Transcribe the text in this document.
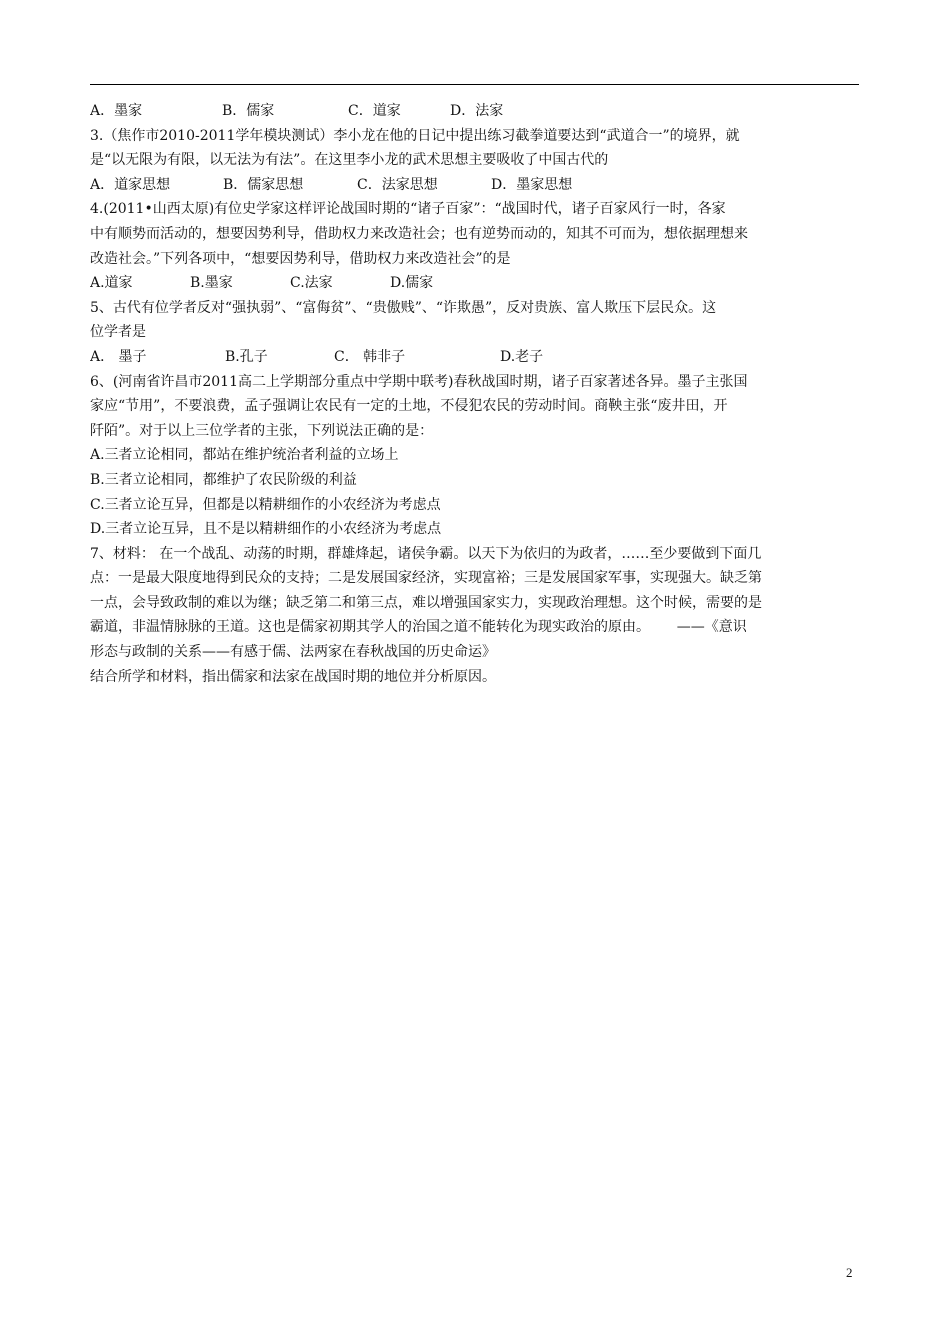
A．墨家	B．儒家	C．道家	D．法家
3.（焦作市2010-2011学年模块测试）李小龙在他的日记中提出练习截拳道要达到“武道合一”的境界，就
是“以无限为有限，以无法为有法”。在这里李小龙的武术思想主要吸收了中国古代的
A．道家思想	B．儒家思想	C．法家思想	D．墨家思想
4.(2011•山西太原)有位史学家这样评论战国时期的“诸子百家”：“战国时代，诸子百家风行一时，各家
中有顺势而活动的，想要因势利导，借助权力来改造社会；也有逆势而动的，知其不可而为，想依据理想来
改造社会。”下列各项中，“想要因势利导，借助权力来改造社会”的是
A.道家	B.墨家	C.法家	D.儒家
5、古代有位学者反对“强执弱”、“富侮贫”、“贵傲贱”、“诈欺愚”，反对贵族、富人欺压下层民众。这
位学者是
A． 墨子	B.孔子	C． 韩非子	D.老子
6、(河南省许昌市2011高二上学期部分重点中学期中联考)春秋战国时期，诸子百家著述各异。墨子主张国
家应“节用”，不要浪费，孟子强调让农民有一定的土地，不侵犯农民的劳动时间。商鞅主张“废井田，开
阡陌”。对于以上三位学者的主张，下列说法正确的是：
A.三者立论相同，都站在维护统治者利益的立场上
B.三者立论相同，都维护了农民阶级的利益
C.三者立论互异，但都是以精耕细作的小农经济为考虑点
D.三者立论互异，且不是以精耕细作的小农经济为考虑点
7、材料： 在一个战乱、动荡的时期，群雄烽起，诸侯争霸。以天下为依归的为政者，……至少要做到下面几
点：一是最大限度地得到民众的支持；二是发展国家经济，实现富裕；三是发展国家军事，实现强大。缺乏第
一点，会导致政制的难以为继；缺乏第二和第三点，难以增强国家实力，实现政治理想。这个时候，需要的是
霸道，非温情脉脉的王道。这也是儒家初期其学人的治国之道不能转化为现实政治的原由。      ——《意识
形态与政制的关系——有感于儒、法两家在春秋战国的历史命运》
结合所学和材料，指出儒家和法家在战国时期的地位并分析原因。
2
